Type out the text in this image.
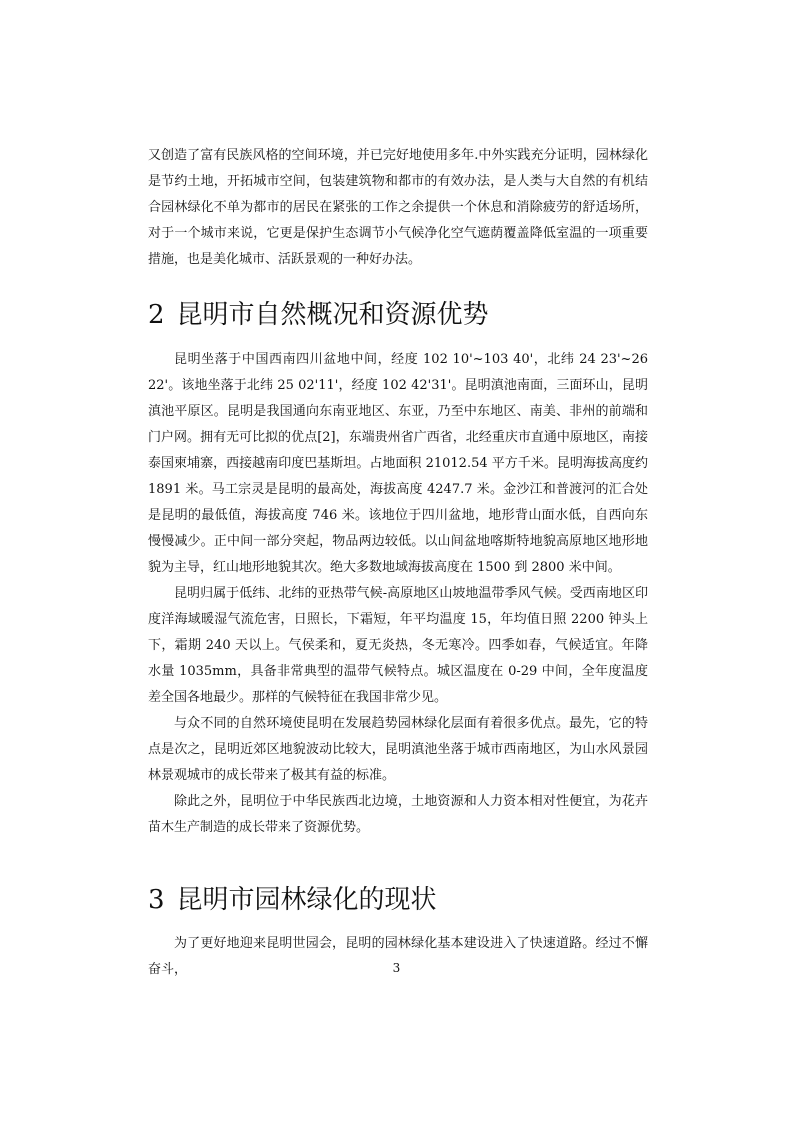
又创造了富有民族风格的空间环境，并已完好地使用多年.中外实践充分证明，园林绿化是节约土地，开拓城市空间，包装建筑物和都市的有效办法，是人类与大自然的有机结合园林绿化不单为都市的居民在紧张的工作之余提供一个休息和消除疲劳的舒适场所，对于一个城市来说，它更是保护生态调节小气候净化空气遮荫覆盖降低室温的一项重要措施，也是美化城市、活跃景观的一种好办法。

2 昆明市自然概况和资源优势

昆明坐落于中国西南四川盆地中间，经度 102 10'~103 40'，北纬 24 23'~26 22'。该地坐落于北纬 25 02'11'，经度 102 42'31'。昆明滇池南面，三面环山，昆明滇池平原区。昆明是我国通向东南亚地区、东亚，乃至中东地区、南美、非州的前端和门户网。拥有无可比拟的优点[2]，东端贵州省广西省，北经重庆市直通中原地区，南接泰国柬埔寨，西接越南印度巴基斯坦。占地面积 21012.54 平方千米。昆明海拔高度约 1891 米。马工宗灵是昆明的最高处，海拔高度 4247.7 米。金沙江和普渡河的汇合处是昆明的最低值，海拔高度 746 米。该地位于四川盆地，地形背山面水低，自西向东慢慢减少。正中间一部分突起，物品两边较低。以山间盆地喀斯特地貌高原地区地形地貌为主导，红山地形地貌其次。绝大多数地域海拔高度在 1500 到 2800 米中间。

昆明归属于低纬、北纬的亚热带气候-高原地区山坡地温带季风气候。受西南地区印度洋海域暖湿气流危害，日照长，下霜短，年平均温度 15，年均值日照 2200 钟头上下，霜期 240 天以上。气侯柔和，夏无炎热，冬无寒冷。四季如春，气候适宜。年降水量 1035mm，具备非常典型的温带气候特点。城区温度在 0-29 中间，全年度温度差全国各地最少。那样的气候特征在我国非常少见。

与众不同的自然环境使昆明在发展趋势园林绿化层面有着很多优点。最先，它的特点是次之，昆明近郊区地貌波动比较大，昆明滇池坐落于城市西南地区，为山水风景园林景观城市的成长带来了极其有益的标准。

除此之外，昆明位于中华民族西北边境，土地资源和人力资本相对性便宜，为花卉苗木生产制造的成长带来了资源优势。

3 昆明市园林绿化的现状

为了更好地迎来昆明世园会，昆明的园林绿化基本建设进入了快速道路。经过不懈奋斗，	3
